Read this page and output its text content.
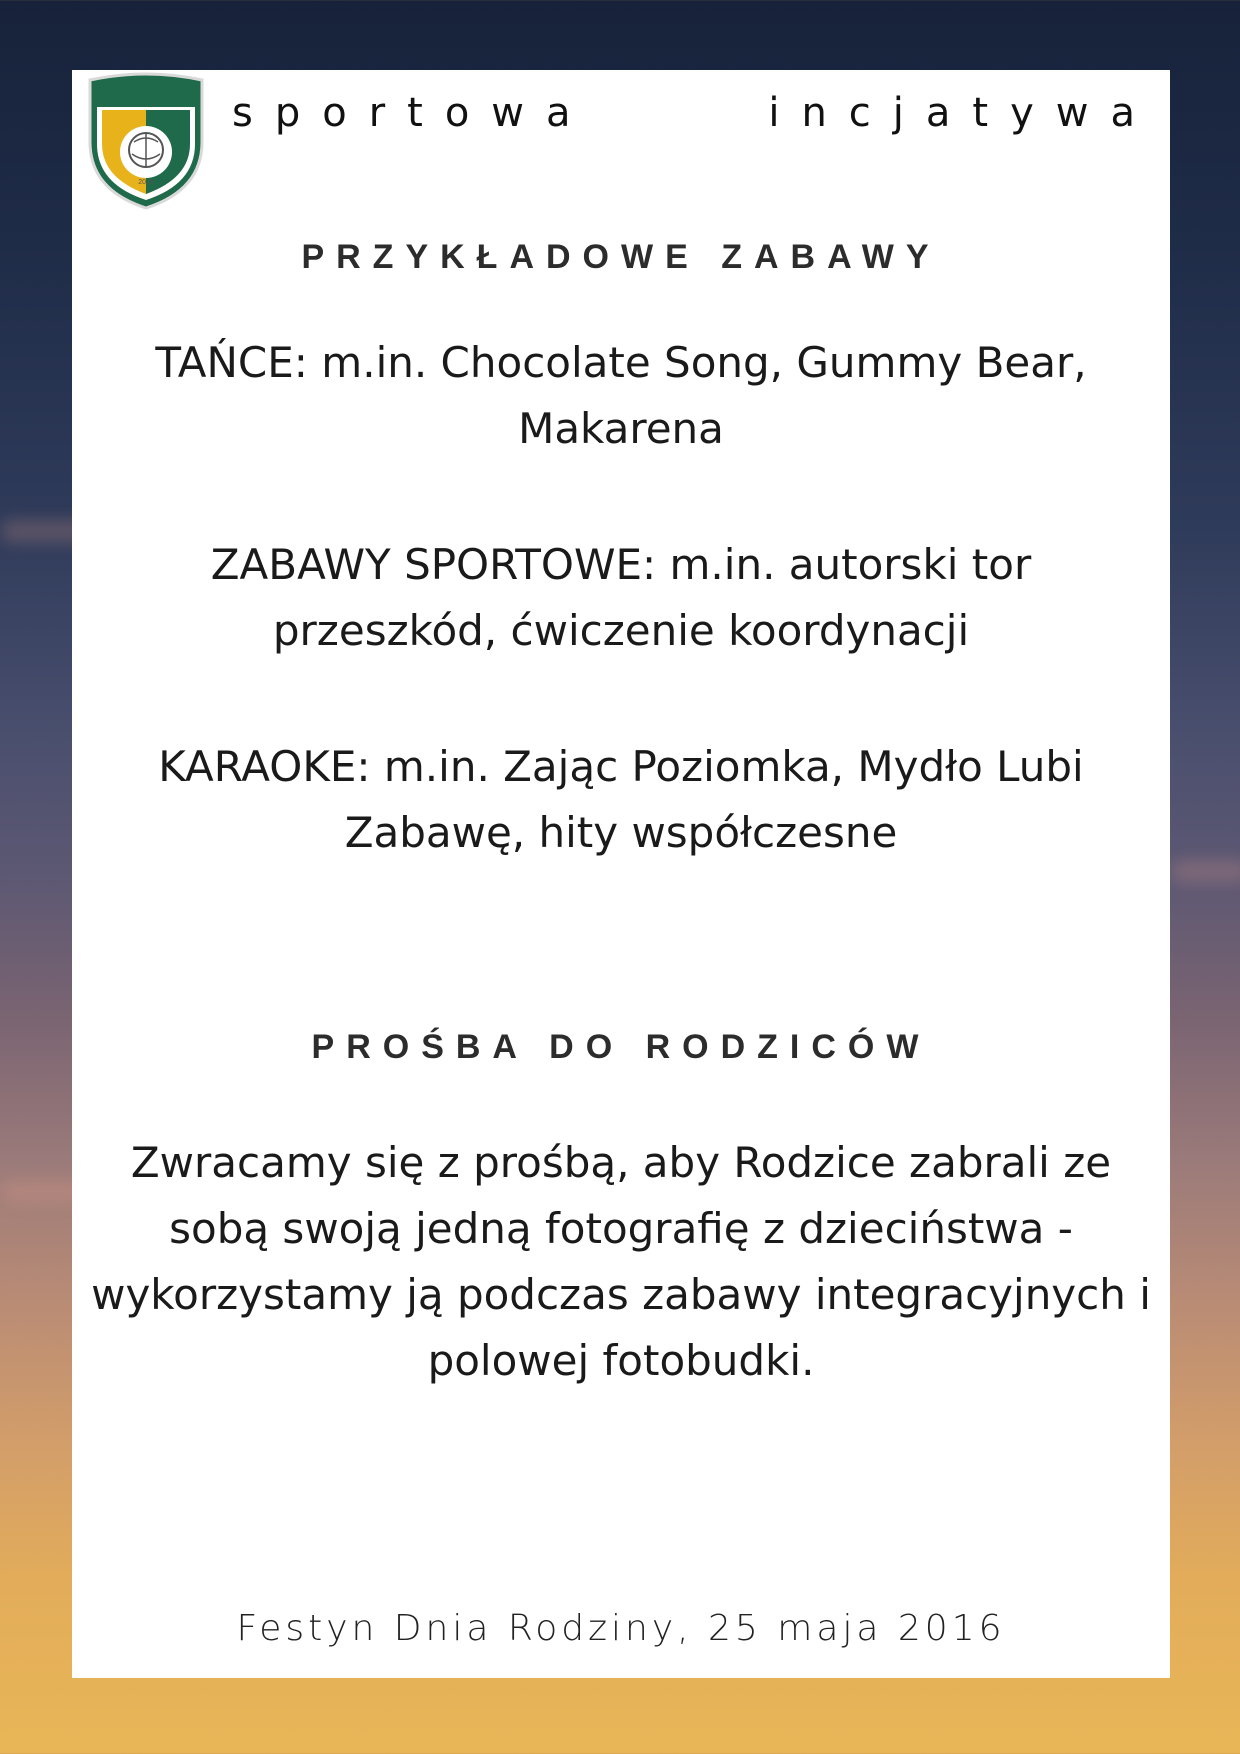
WARMIA
2015
sportowa incjatywa
PRZYKŁADOWE ZABAWY
TAŃCE: m.in. Chocolate Song, Gummy Bear,
Makarena
ZABAWY SPORTOWE: m.in. autorski tor
przeszkód, ćwiczenie koordynacji
KARAOKE: m.in. Zając Poziomka, Mydło Lubi
Zabawę, hity współczesne
PROŚBA DO RODZICÓW
Zwracamy się z prośbą, aby Rodzice zabrali ze
sobą swoją jedną fotografię z dzieciństwa -
wykorzystamy ją podczas zabawy integracyjnych i
polowej fotobudki.
Festyn Dnia Rodziny, 25 maja 2016
